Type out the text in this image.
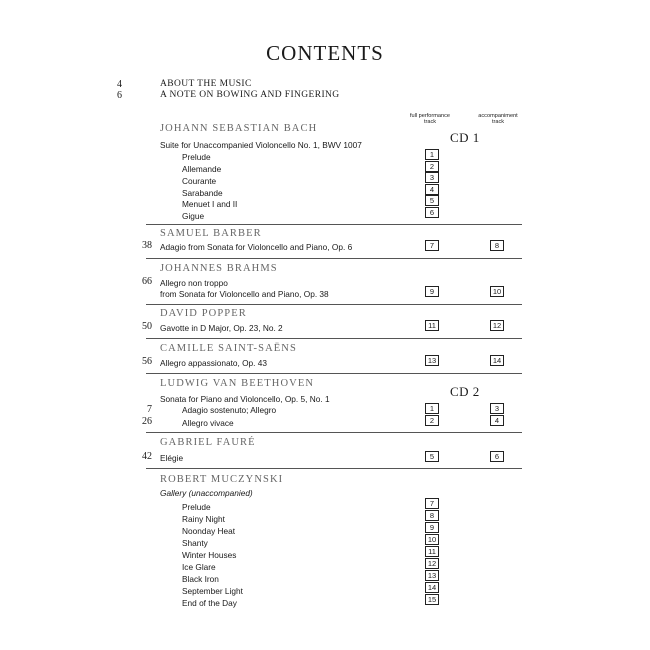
CONTENTS
4	ABOUT THE MUSIC
6	A NOTE ON BOWING AND FINGERING
full performance
track
accompaniment
track
CD 1
CD 2
JOHANN SEBASTIAN BACH
Suite for Unaccompanied Violoncello No. 1, BWV 1007
Prelude	1
Allemande	2
Courante	3
Sarabande	4
Menuet I and II	5
Gigue	6
SAMUEL BARBER
38 Adagio from Sonata for Violoncello and Piano, Op. 6	7	8
JOHANNES BRAHMS
66 Allegro non troppo
from Sonata for Violoncello and Piano, Op. 38	9	10
DAVID POPPER
50 Gavotte in D Major, Op. 23, No. 2	11	12
CAMILLE SAINT-SAËNS
56 Allegro appassionato, Op. 43	13	14
LUDWIG VAN BEETHOVEN
Sonata for Piano and Violoncello, Op. 5, No. 1
7	Adagio sostenuto; Allegro	1	3
26	Allegro vivace	2	4
GABRIEL FAURÉ
42 Elégie	5	6
ROBERT MUCZYNSKI
Gallery (unaccompanied)
Prelude	7
Rainy Night	8
Noonday Heat	9
Shanty	10
Winter Houses	11
Ice Glare	12
Black Iron	13
September Light	14
End of the Day	15
